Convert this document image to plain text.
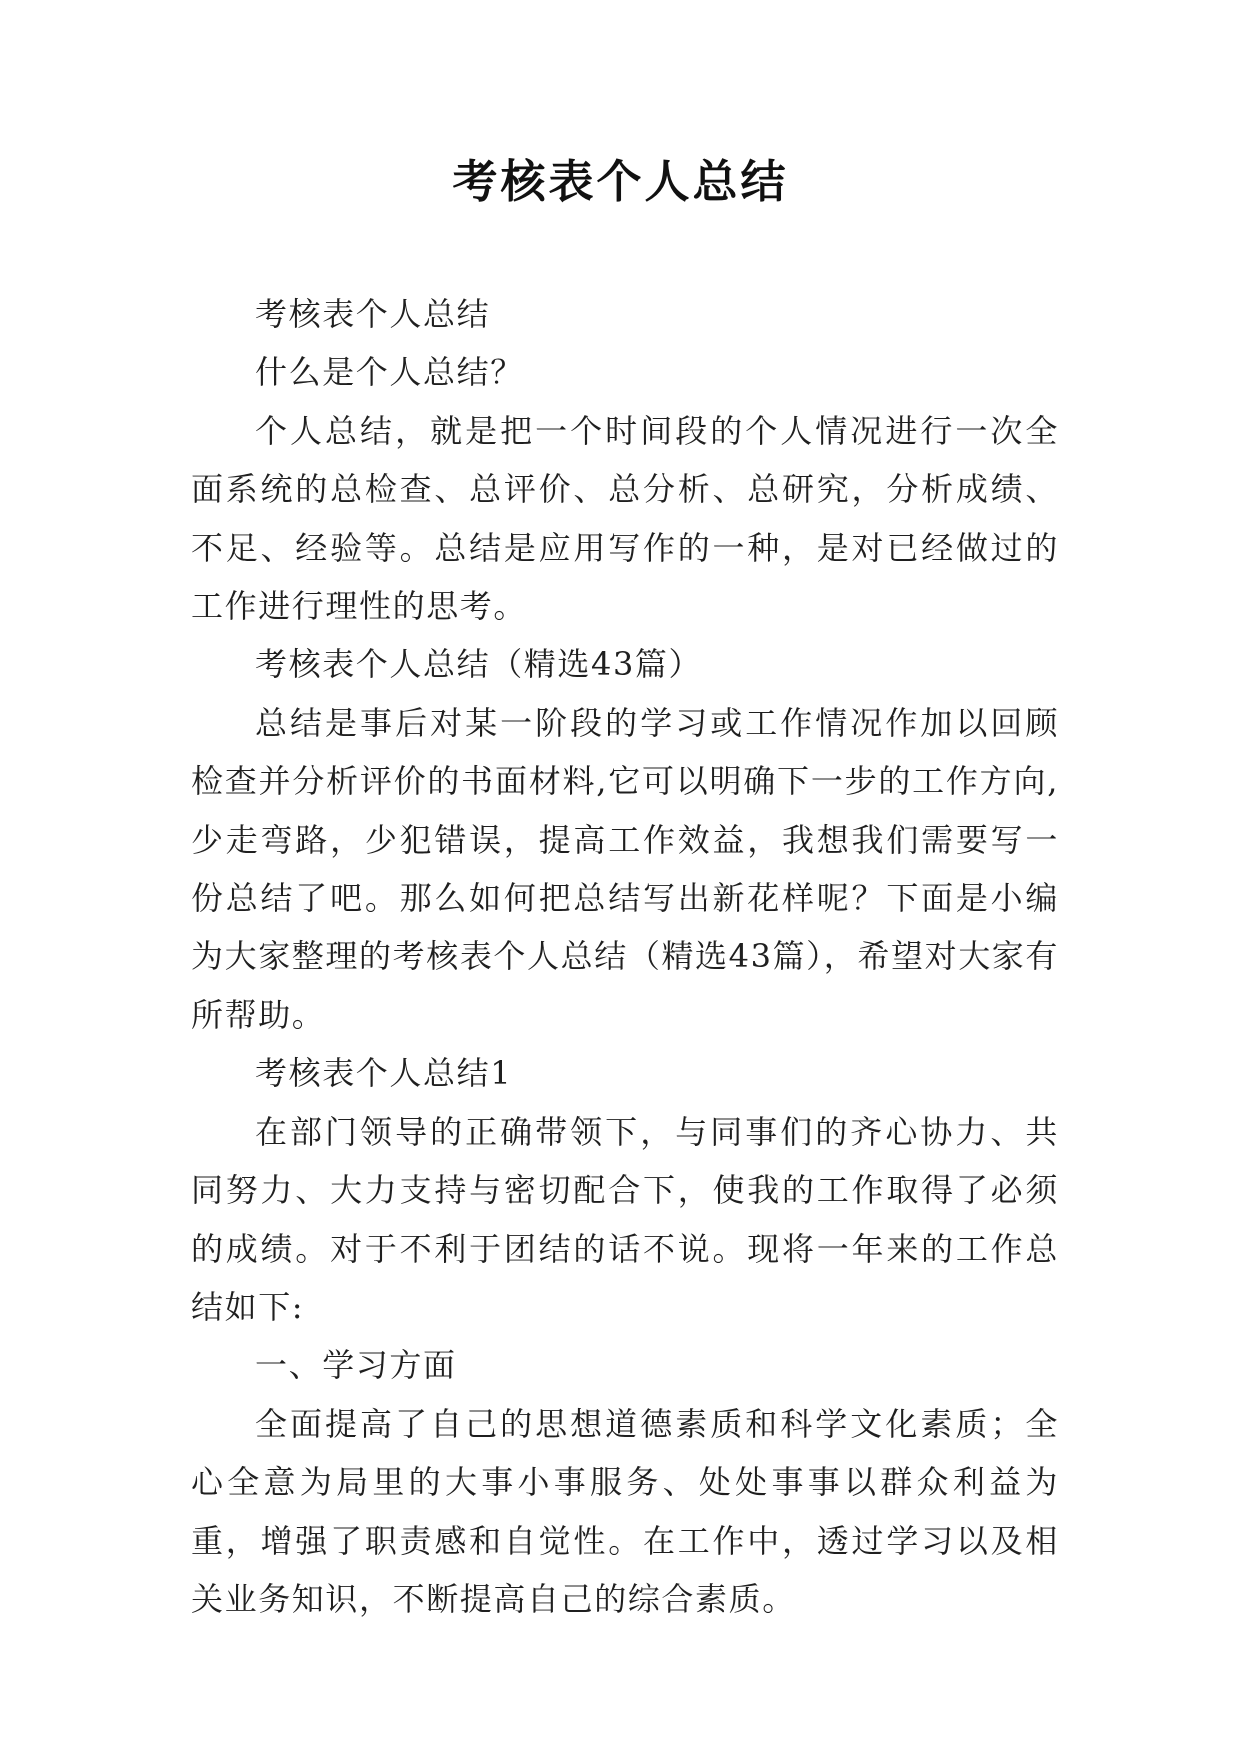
考核表个人总结

考核表个人总结

什么是个人总结？

个人总结，就是把一个时间段的个人情况进行一次全面系统的总检查、总评价、总分析、总研究，分析成绩、不足、经验等。总结是应用写作的一种，是对已经做过的工作进行理性的思考。

考核表个人总结（精选43篇）

总结是事后对某一阶段的学习或工作情况作加以回顾检查并分析评价的书面材料,它可以明确下一步的工作方向,少走弯路，少犯错误，提高工作效益，我想我们需要写一份总结了吧。那么如何把总结写出新花样呢？下面是小编为大家整理的考核表个人总结（精选43篇），希望对大家有所帮助。

考核表个人总结1

在部门领导的正确带领下，与同事们的齐心协力、共同努力、大力支持与密切配合下，使我的工作取得了必须的成绩。对于不利于团结的话不说。现将一年来的工作总结如下:

一、学习方面

全面提高了自己的思想道德素质和科学文化素质；全心全意为局里的大事小事服务、处处事事以群众利益为重，增强了职责感和自觉性。在工作中，透过学习以及相关业务知识，不断提高自己的综合素质。
